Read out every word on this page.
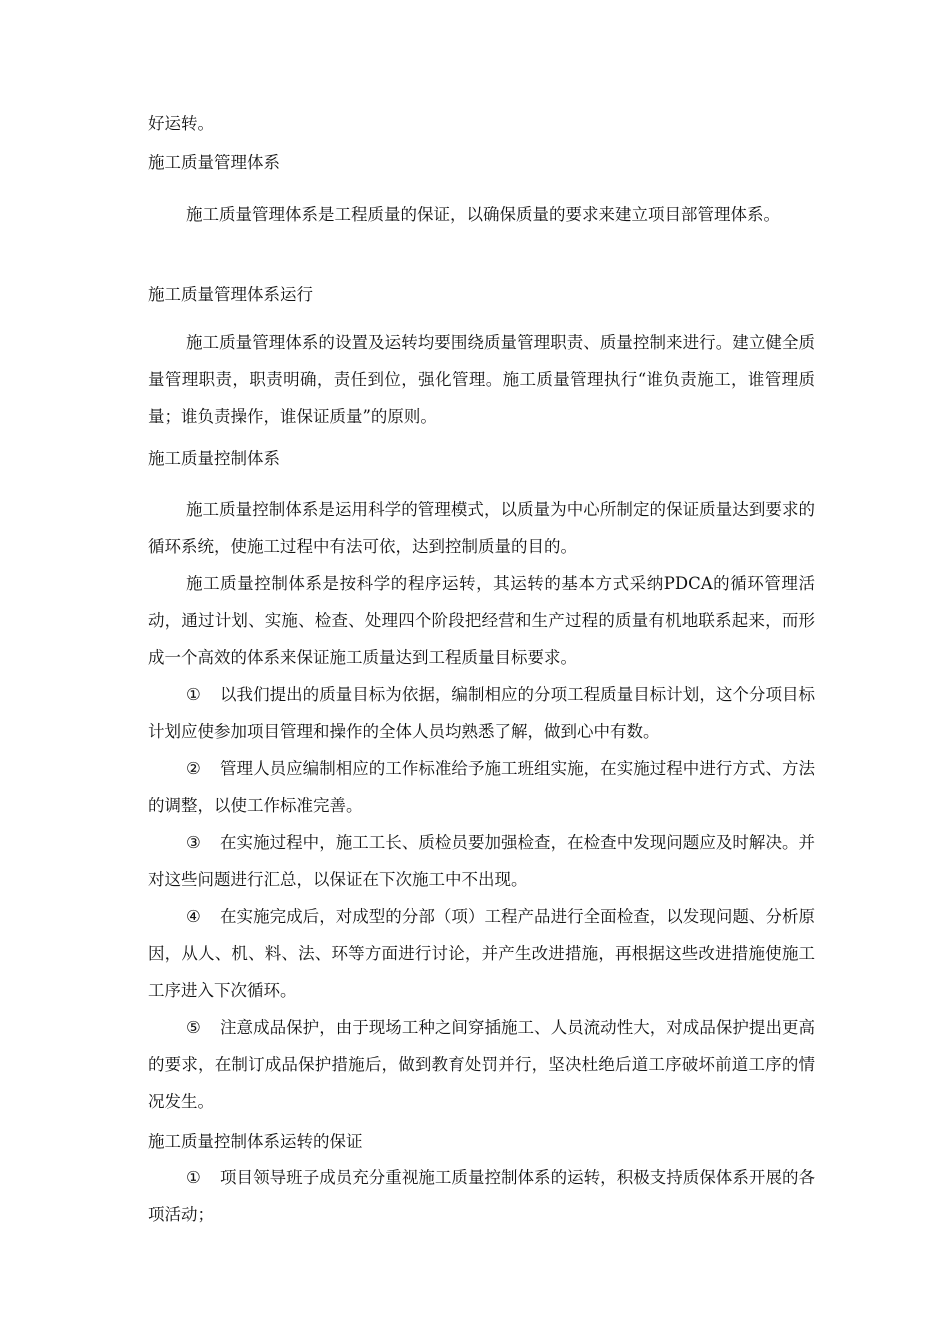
好运转。
施工质量管理体系
施工质量管理体系是工程质量的保证，以确保质量的要求来建立项目部管理体系。
施工质量管理体系运行
施工质量管理体系的设置及运转均要围绕质量管理职责、质量控制来进行。建立健全质量管理职责，职责明确，责任到位，强化管理。施工质量管理执行“谁负责施工，谁管理质量；谁负责操作，谁保证质量”的原则。
施工质量控制体系
施工质量控制体系是运用科学的管理模式，以质量为中心所制定的保证质量达到要求的循环系统，使施工过程中有法可依，达到控制质量的目的。
施工质量控制体系是按科学的程序运转，其运转的基本方式采纳PDCA的循环管理活动，通过计划、实施、检查、处理四个阶段把经营和生产过程的质量有机地联系起来，而形成一个高效的体系来保证施工质量达到工程质量目标要求。
① 以我们提出的质量目标为依据，编制相应的分项工程质量目标计划，这个分项目标计划应使参加项目管理和操作的全体人员均熟悉了解，做到心中有数。
② 管理人员应编制相应的工作标准给予施工班组实施，在实施过程中进行方式、方法的调整，以使工作标准完善。
③ 在实施过程中，施工工长、质检员要加强检查，在检查中发现问题应及时解决。并对这些问题进行汇总，以保证在下次施工中不出现。
④ 在实施完成后，对成型的分部（项）工程产品进行全面检查，以发现问题、分析原因，从人、机、料、法、环等方面进行讨论，并产生改进措施，再根据这些改进措施使施工工序进入下次循环。
⑤ 注意成品保护，由于现场工种之间穿插施工、人员流动性大，对成品保护提出更高的要求，在制订成品保护措施后，做到教育处罚并行，坚决杜绝后道工序破坏前道工序的情况发生。
施工质量控制体系运转的保证
① 项目领导班子成员充分重视施工质量控制体系的运转，积极支持质保体系开展的各项活动；
